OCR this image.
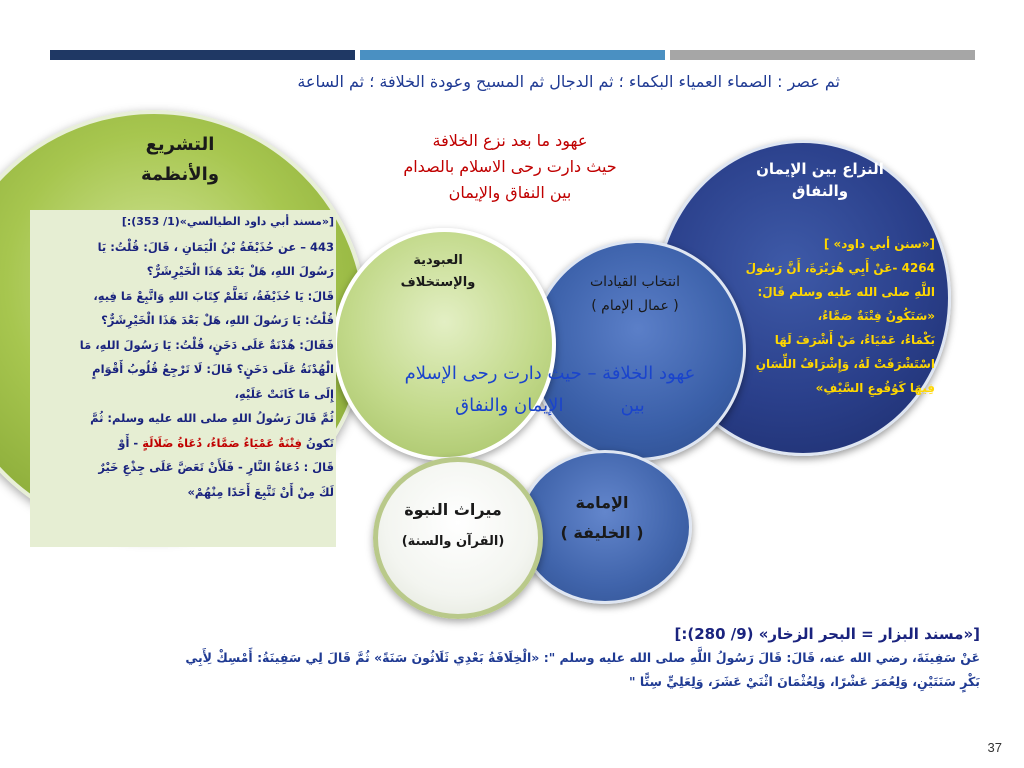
ثم عصر : الصماء العمياء البكماء ؛ ثم الدجال ثم المسيح وعودة الخلافة ؛ ثم الساعة
عهود ما بعد نزع الخلافة
حيث دارت رحى الاسلام بالصدام
بين النفاق والإيمان
النزاع بين الإيمان
والنفاق
التشريع
والأنظمة
انتخاب القيادات
( عمال الإمام )
العبودية
والإستخلاف
الإمامة
( الخليفة )
ميراث النبوة
(القرآن والسنة)
عهود الخلافة – حيث دارت رحى الإسلام
بين          الإيمان والنفاق
[«مسند أبي داود الطيالسي»(1/ 353):]
443 – عن حُذَيْفَةُ بْنُ الْيَمَانِ ، قَالَ: قُلْتُ: يَا
رَسُولَ اللهِ، هَلْ بَعْدَ هَذَا الْخَيْرِشَرٌّ؟
قَالَ: يَا حُذَيْفَةُ، تَعَلَّمْ كِتَابَ اللهِ وَاتَّبِعْ مَا فِيهِ،
قُلْتُ: يَا رَسُولَ اللهِ، هَلْ بَعْدَ هَذَا الْخَيْرِشَرٌّ؟
فَقَالَ: هُدْنَةٌ عَلَى دَخَنٍ، قُلْتُ: يَا رَسُولَ اللهِ، مَا
الْهُدْنَةُ عَلَى دَخَنٍ؟ قَالَ: لَا تَرْجِعُ قُلُوبُ أَقْوَامٍ
إِلَى مَا كَانَتْ عَلَيْهِ،
ثُمَّ قَالَ رَسُولُ اللهِ صلى الله عليه وسلم: ثُمَّ
تَكونُ فِتْنَةٌ عَمْيَاءُ صَمَّاءُ، دُعَاةُ ضَلَالَةٍ - أَوْ
قَالَ : دُعَاةُ النَّارِ - فَلَأَنْ تَعَضَّ عَلَى جِذْعِ خَيْرٌ
لَكَ مِنْ أَنْ تَتَّبِعَ أَحَدًا مِنْهُمْ»
[«سنن أبي داود» ]
4264 -عَنْ أَبِي هُرَيْرَةَ، أَنَّ رَسُولَ
اللَّهِ صلى الله عليه وسلم قَالَ:
«سَتَكُونُ فِتْنَةٌ صَمَّاءُ،
بَكْمَاءُ، عَمْيَاءُ، مَنْ أَشْرَفَ لَهَا
اسْتَشْرَفَتْ لَهُ، وَإِشْرَافُ اللِّسَانِ
فِيهَا كَوُقُوعِ السَّيْفِ»
[«مسند البزار = البحر الزخار» (9/ 280):]
عَنْ سَفِينَةَ، رضي الله عنه، قَالَ: قَالَ رَسُولُ اللَّهِ صلى الله عليه وسلم ": «الْخِلَافَةُ بَعْدِي ثَلَاثُونَ سَنَةً» ثُمَّ قَالَ لِي سَفِينَةُ: أَمْسِكْ لِأَبِي
بَكْرٍ سَنَتَيْنِ، وَلِعُمَرَ عَشْرًا، وَلِعُثْمَانَ اثْنَيْ عَشَرَ، وَلِعَلِيٍّ سِتًّا "
37
